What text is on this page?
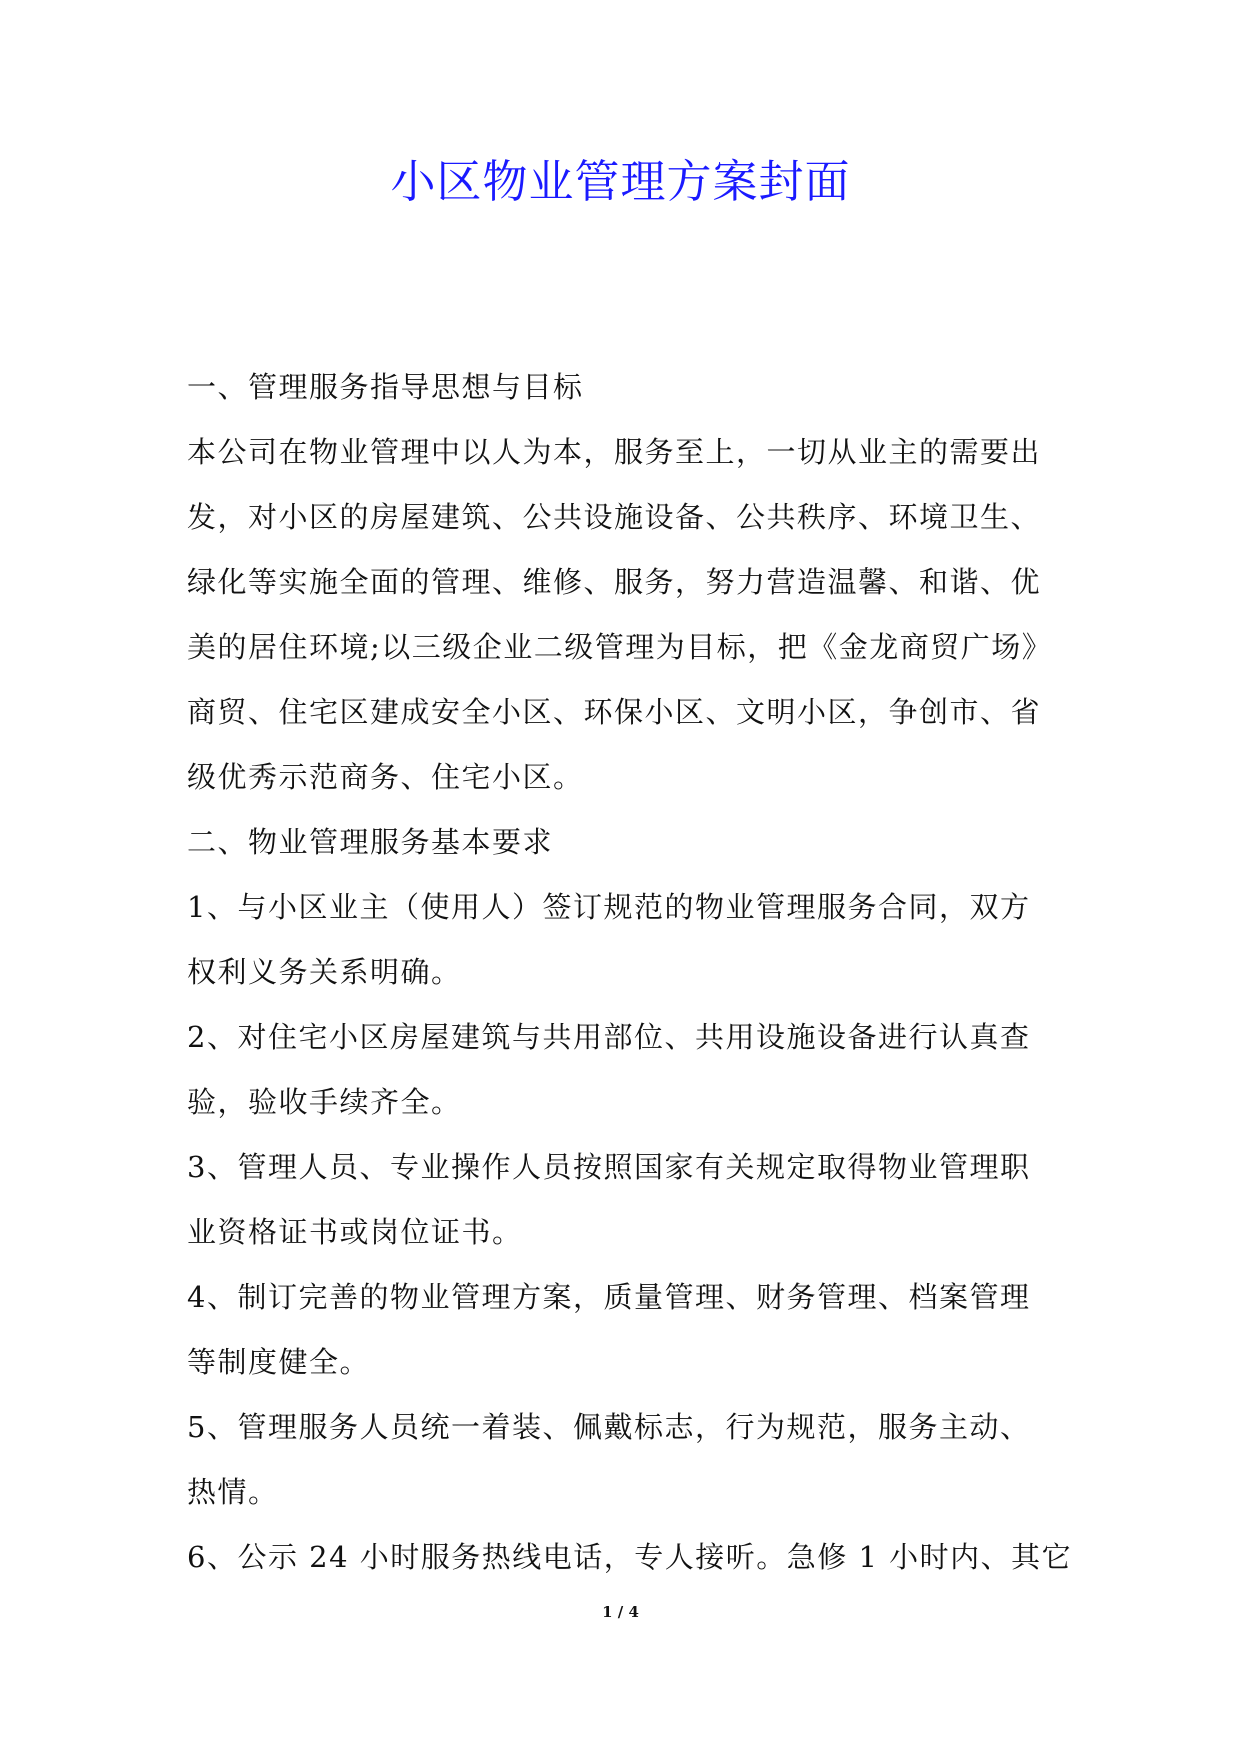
小区物业管理方案封面

一、管理服务指导思想与目标

本公司在物业管理中以人为本，服务至上，一切从业主的需要出

发，对小区的房屋建筑、公共设施设备、公共秩序、环境卫生、

绿化等实施全面的管理、维修、服务，努力营造温馨、和谐、优

美的居住环境;以三级企业二级管理为目标，把《金龙商贸广场》

商贸、住宅区建成安全小区、环保小区、文明小区，争创市、省

级优秀示范商务、住宅小区。

二、物业管理服务基本要求

1、与小区业主（使用人）签订规范的物业管理服务合同，双方

权利义务关系明确。

2、对住宅小区房屋建筑与共用部位、共用设施设备进行认真查

验，验收手续齐全。

3、管理人员、专业操作人员按照国家有关规定取得物业管理职

业资格证书或岗位证书。

4、制订完善的物业管理方案，质量管理、财务管理、档案管理

等制度健全。

5、管理服务人员统一着装、佩戴标志，行为规范，服务主动、

热情。

6、公示 24 小时服务热线电话，专人接听。急修 1 小时内、其它

1 / 4
